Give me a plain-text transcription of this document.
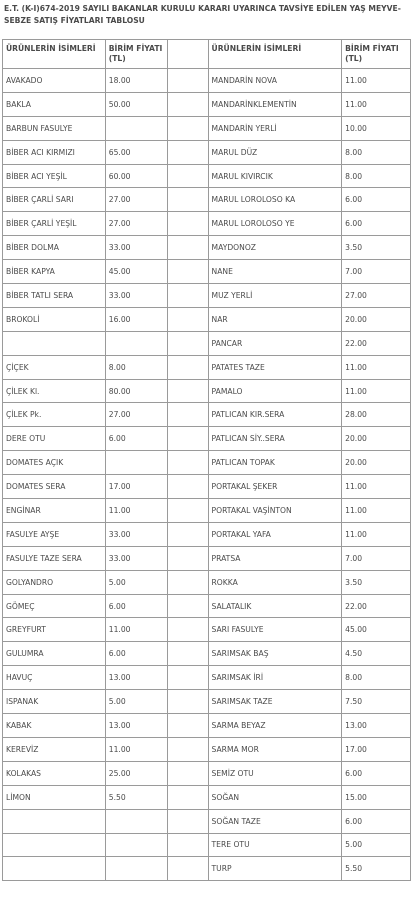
E.T. (K-I)674-2019 SAYILI BAKANLAR KURULU KARARI UYARINCA TAVSİYE EDİLEN YAŞ MEYVE-SEBZE SATIŞ FİYATLARI TABLOSU
ÜRÜNLERİN İSİMLERİ	BİRİM FİYATI (TL)		ÜRÜNLERİN İSİMLERİ	BİRİM FİYATI (TL)
AVAKADO	18.00		MANDARİN NOVA	11.00
BAKLA	50.00		MANDARİNKLEMENTİN	11.00
BARBUN FASULYE			MANDARİN YERLİ	10.00
BİBER ACI KIRMIZI	65.00		MARUL DÜZ	8.00
BİBER ACI YEŞİL	60.00		MARUL KIVIRCIK	8.00
BİBER ÇARLİ SARI	27.00		MARUL LOROLOSO KA	6.00
BİBER ÇARLİ YEŞİL	27.00		MARUL LOROLOSO YE	6.00
BİBER DOLMA	33.00		MAYDONOZ	3.50
BİBER KAPYA	45.00		NANE	7.00
BİBER TATLI SERA	33.00		MUZ YERLİ	27.00
BROKOLİ	16.00		NAR	20.00
			PANCAR	22.00
ÇİÇEK	8.00		PATATES TAZE	11.00
ÇİLEK Kl.	80.00		PAMALO	11.00
ÇİLEK Pk.	27.00		PATLICAN KIR.SERA	28.00
DERE OTU	6.00		PATLICAN SİY..SERA	20.00
DOMATES AÇIK			PATLICAN TOPAK	20.00
DOMATES SERA	17.00		PORTAKAL ŞEKER	11.00
ENGİNAR	11.00		PORTAKAL VAŞİNTON	11.00
FASULYE AYŞE	33.00		PORTAKAL YAFA	11.00
FASULYE TAZE SERA	33.00		PRATSA	7.00
GOLYANDRO	5.00		ROKKA	3.50
GÖMEÇ	6.00		SALATALIK	22.00
GREYFURT	11.00		SARI FASULYE	45.00
GULUMRA	6.00		SARIMSAK BAŞ	4.50
HAVUÇ	13.00		SARIMSAK İRİ	8.00
ISPANAK	5.00		SARIMSAK TAZE	7.50
KABAK	13.00		SARMA BEYAZ	13.00
KEREVİZ	11.00		SARMA MOR	17.00
KOLAKAS	25.00		SEMİZ OTU	6.00
LİMON	5.50		SOĞAN	15.00
			SOĞAN TAZE	6.00
			TERE OTU	5.00
			TURP	5.50
